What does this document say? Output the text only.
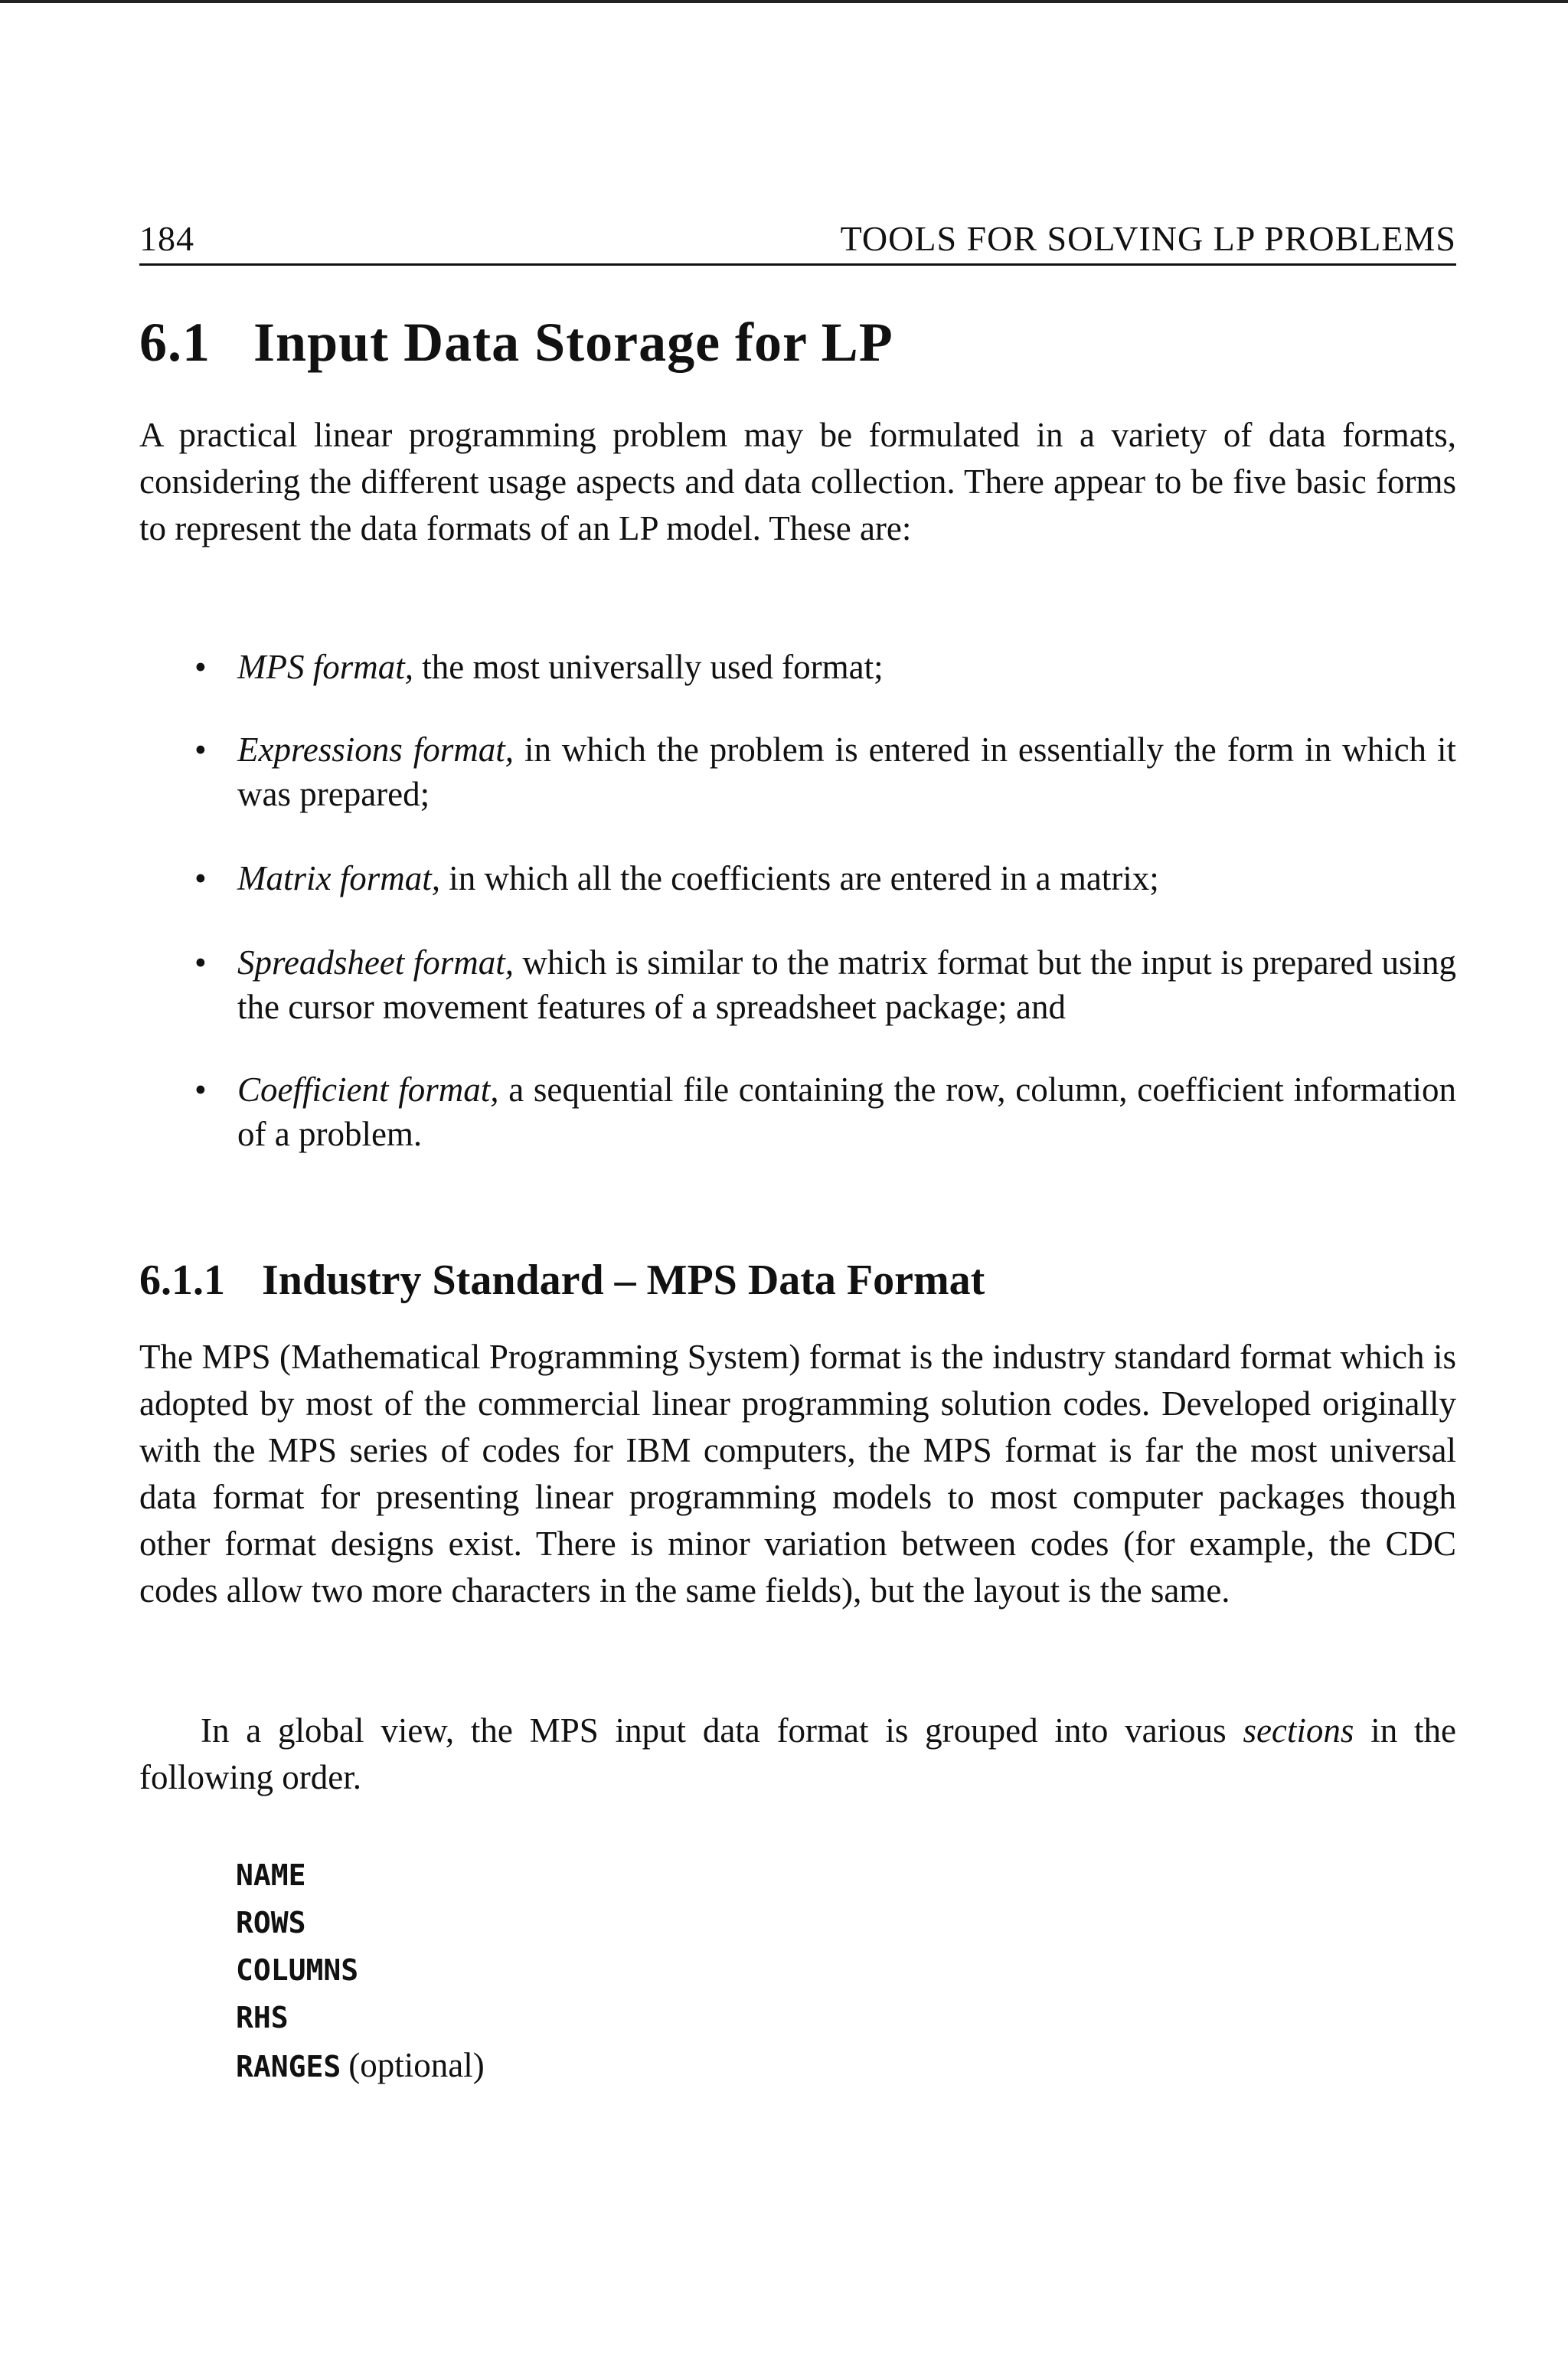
184	TOOLS FOR SOLVING LP PROBLEMS
6.1 Input Data Storage for LP

A practical linear programming problem may be formulated in a variety of data formats, considering the different usage aspects and data collection. There appear to be five basic forms to represent the data formats of an LP model. These are:

• MPS format, the most universally used format;
• Expressions format, in which the problem is entered in essentially the form in which it was prepared;
• Matrix format, in which all the coefficients are entered in a matrix;
• Spreadsheet format, which is similar to the matrix format but the input is prepared using the cursor movement features of a spreadsheet package; and
• Coefficient format, a sequential file containing the row, column, coefficient information of a problem.
6.1.1 Industry Standard – MPS Data Format

The MPS (Mathematical Programming System) format is the industry standard format which is adopted by most of the commercial linear programming solution codes. Developed originally with the MPS series of codes for IBM computers, the MPS format is far the most universal data format for presenting linear programming models to most computer packages though other format designs exist. There is minor variation between codes (for example, the CDC codes allow two more characters in the same fields), but the layout is the same.

In a global view, the MPS input data format is grouped into various sections in the following order.

NAME
ROWS
COLUMNS
RHS
RANGES (optional)
